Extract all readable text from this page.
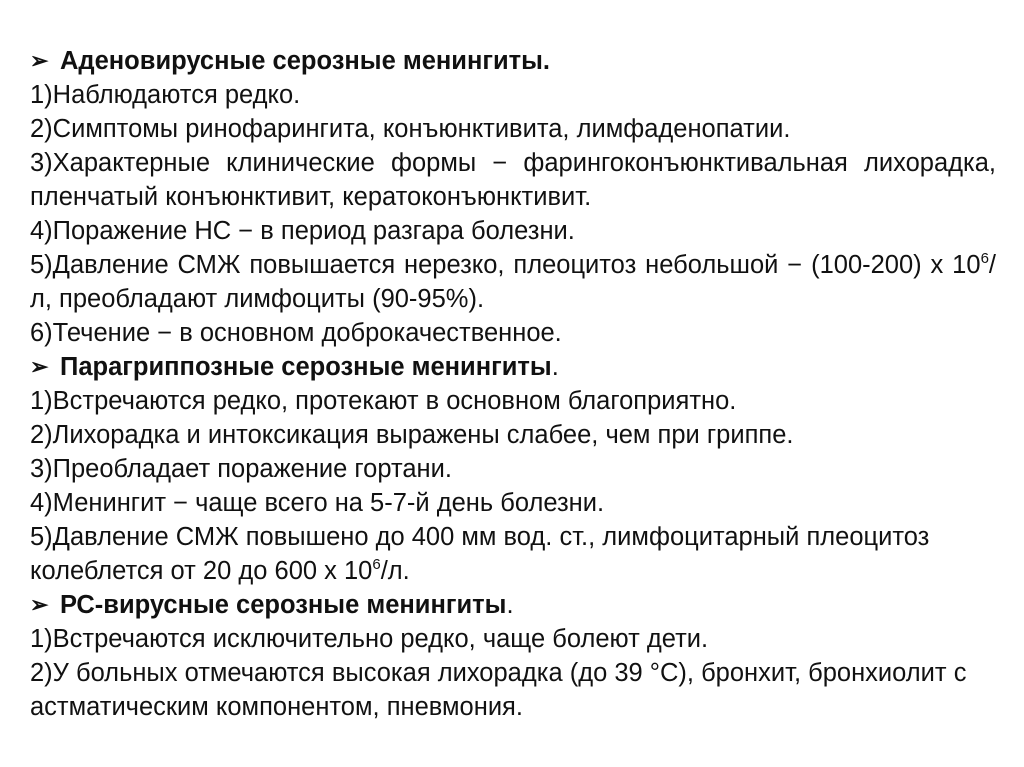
➢ Аденовирусные серозные менингиты.

1)Наблюдаются редко.

2)Симптомы ринофарингита, конъюнктивита, лимфаденопатии.

3)Характерные клинические формы − фарингоконъюнктивальная лихорадка, пленчатый конъюнктивит, кератоконъюнктивит.

4)Поражение НС − в период разгара болезни.

5)Давление СМЖ повышается нерезко, плеоцитоз небольшой − (100-200) х $10^6/л$, преобладают лимфоциты (90-95%).

6)Течение − в основном доброкачественное.

➢ Парагриппозные серозные менингиты .

1)Встречаются редко, протекают в основном благоприятно.

2)Лихорадка и интоксикация выражены слабее, чем при гриппе.

3)Преобладает поражение гортани.

4)Менингит − чаще всего на 5-7-й день болезни.

5)Давление СМЖ повышено до 400 мм вод. ст., лимфоцитарный плеоцитоз колеблется от 20 до 600 х $10^6/л$.

➢ РС-вирусные серозные менингиты .

1)Встречаются исключительно редко, чаще болеют дети.

2)У больных отмечаются высокая лихорадка (до 39 °С), бронхит, бронхиолит с астматическим компонентом, пневмония.
